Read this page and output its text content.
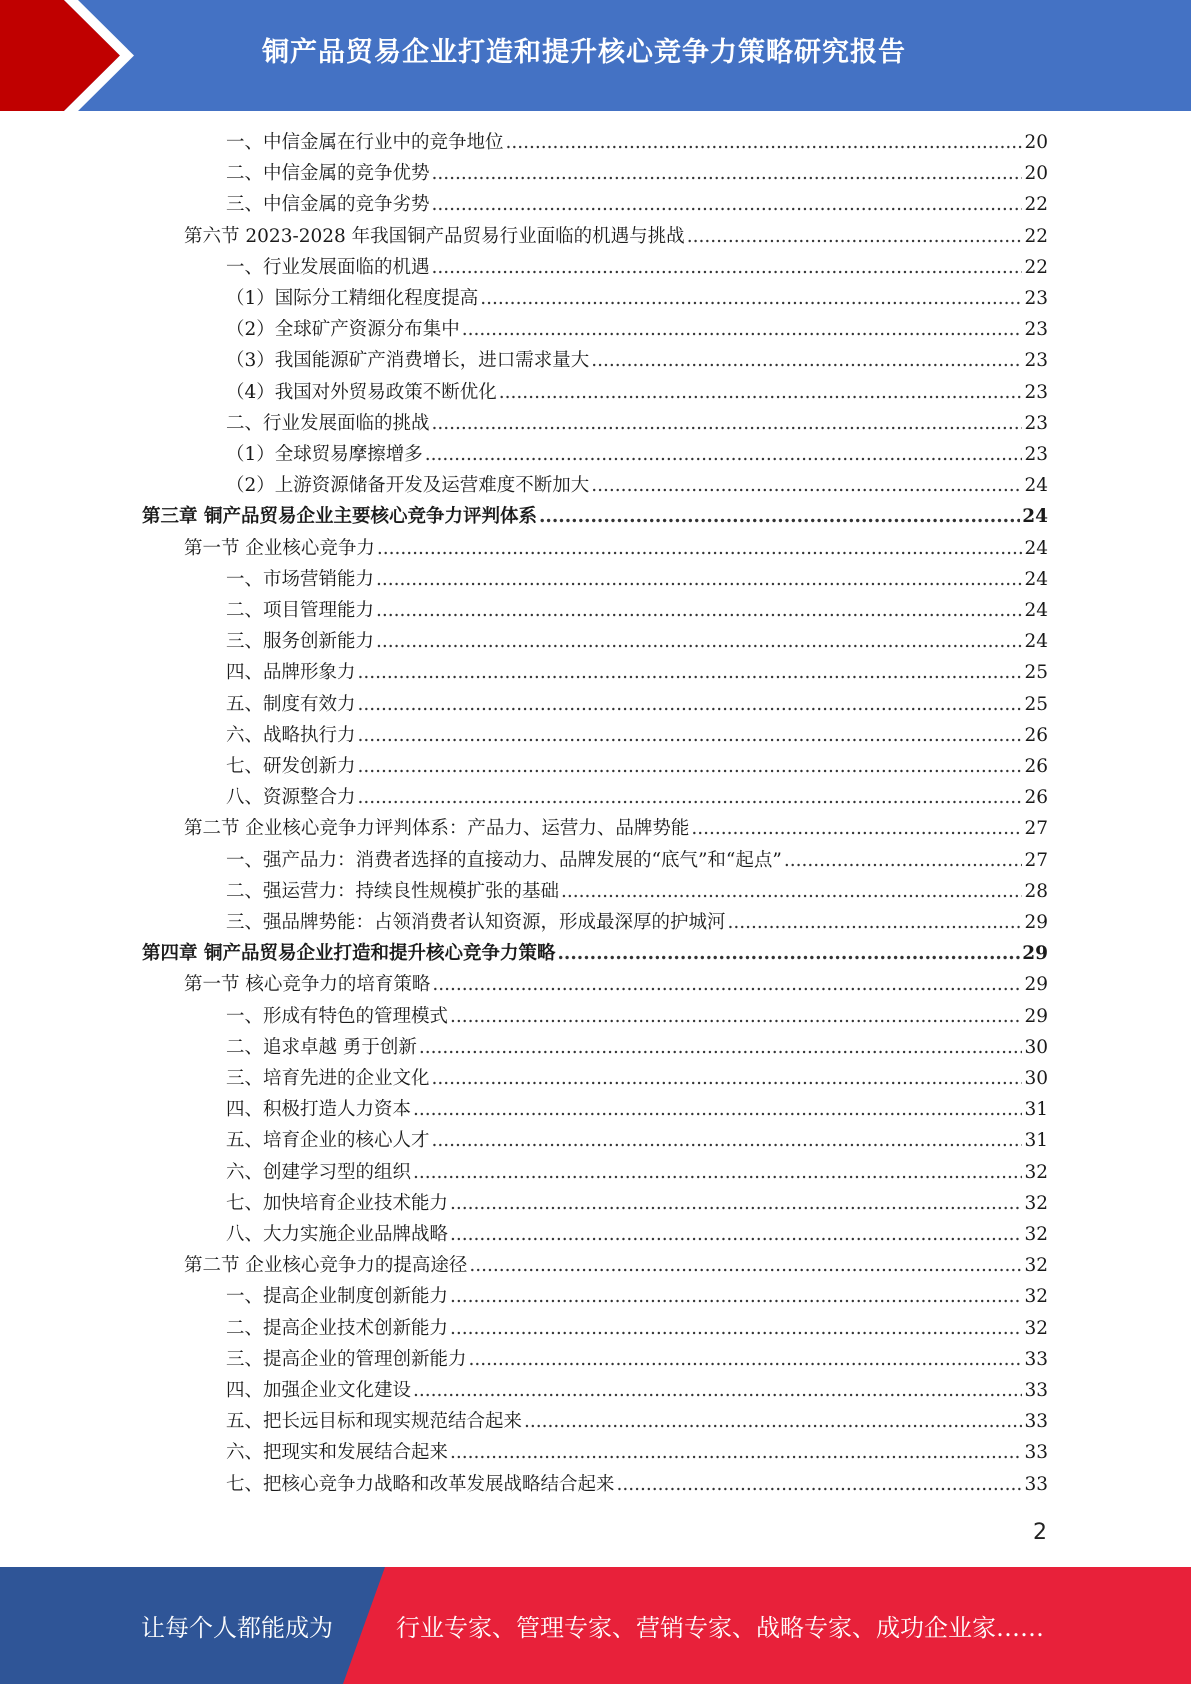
铜产品贸易企业打造和提升核心竞争力策略研究报告
一、中信金属在行业中的竞争地位 .....	20
二、中信金属的竞争优势 .....	20
三、中信金属的竞争劣势 .....	22
第六节 2023-2028 年我国铜产品贸易行业面临的机遇与挑战 .....	22
一、行业发展面临的机遇 .....	22
（1）国际分工精细化程度提高 .....	23
（2）全球矿产资源分布集中 .....	23
（3）我国能源矿产消费增长，进口需求量大 .....	23
（4）我国对外贸易政策不断优化 .....	23
二、行业发展面临的挑战 .....	23
（1）全球贸易摩擦增多 .....	23
（2）上游资源储备开发及运营难度不断加大 .....	24
第三章 铜产品贸易企业主要核心竞争力评判体系 .....	24
第一节 企业核心竞争力 .....	24
一、市场营销能力 .....	24
二、项目管理能力 .....	24
三、服务创新能力 .....	24
四、品牌形象力 .....	25
五、制度有效力 .....	25
六、战略执行力 .....	26
七、研发创新力 .....	26
八、资源整合力 .....	26
第二节 企业核心竞争力评判体系：产品力、运营力、品牌势能 .....	27
一、强产品力：消费者选择的直接动力、品牌发展的“底气”和“起点” .....	27
二、强运营力：持续良性规模扩张的基础 .....	28
三、强品牌势能：占领消费者认知资源，形成最深厚的护城河 .....	29
第四章 铜产品贸易企业打造和提升核心竞争力策略 .....	29
第一节 核心竞争力的培育策略 .....	29
一、形成有特色的管理模式 .....	29
二、追求卓越 勇于创新 .....	30
三、培育先进的企业文化 .....	30
四、积极打造人力资本 .....	31
五、培育企业的核心人才 .....	31
六、创建学习型的组织 .....	32
七、加快培育企业技术能力 .....	32
八、大力实施企业品牌战略 .....	32
第二节 企业核心竞争力的提高途径 .....	32
一、提高企业制度创新能力 .....	32
二、提高企业技术创新能力 .....	32
三、提高企业的管理创新能力 .....	33
四、加强企业文化建设 .....	33
五、把长远目标和现实规范结合起来 .....	33
六、把现实和发展结合起来 .....	33
七、把核心竞争力战略和改革发展战略结合起来 .....	33
2
让每个人都能成为	行业专家、管理专家、营销专家、战略专家、成功企业家……
